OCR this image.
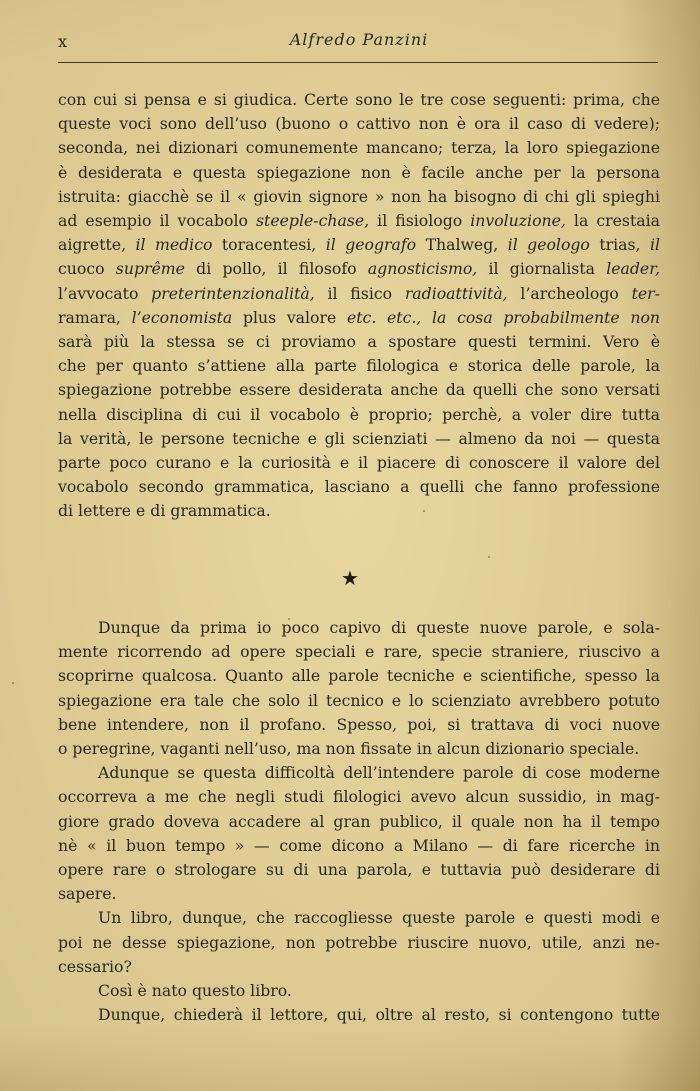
x	Alfredo Panzini

con cui si pensa e si giudica. Certe sono le tre cose seguenti: prima, che
queste voci sono dell’uso (buono o cattivo non è ora il caso di vedere);
seconda, nei dizionari comunemente mancano; terza, la loro spiegazione
è desiderata e questa spiegazione non è facile anche per la persona
istruita: giacchè se il « giovin signore » non ha bisogno di chi gli spieghi
ad esempio il vocabolo steeple-chase, il fisiologo involuzione, la crestaia
aigrette, il medico toracentesi, il geografo Thalweg, il geologo trias, il
cuoco suprême di pollo, il filosofo agnosticismo, il giornalista leader,
l’avvocato preterintenzionalità, il fisico radioattività, l’archeologo ter-
ramara, l’economista plus valore etc. etc., la cosa probabilmente non
sarà più la stessa se ci proviamo a spostare questi termini. Vero è
che per quanto s’attiene alla parte filologica e storica delle parole, la
spiegazione potrebbe essere desiderata anche da quelli che sono versati
nella disciplina di cui il vocabolo è proprio; perchè, a voler dire tutta
la verità, le persone tecniche e gli scienziati — almeno da noi — questa
parte poco curano e la curiosità e il piacere di conoscere il valore del
vocabolo secondo grammatica, lasciano a quelli che fanno professione
di lettere e di grammatica.

★

Dunque da prima io poco capivo di queste nuove parole, e sola-
mente ricorrendo ad opere speciali e rare, specie straniere, riuscivo a
scoprirne qualcosa. Quanto alle parole tecniche e scientifiche, spesso la
spiegazione era tale che solo il tecnico e lo scienziato avrebbero potuto
bene intendere, non il profano. Spesso, poi, si trattava di voci nuove
o peregrine, vaganti nell’uso, ma non fissate in alcun dizionario speciale.
Adunque se questa difficoltà dell’intendere parole di cose moderne
occorreva a me che negli studi filologici avevo alcun sussidio, in mag-
giore grado doveva accadere al gran publico, il quale non ha il tempo
nè « il buon tempo » — come dicono a Milano — di fare ricerche in
opere rare o strologare su di una parola, e tuttavia può desiderare di
sapere.
Un libro, dunque, che raccogliesse queste parole e questi modi e
poi ne desse spiegazione, non potrebbe riuscire nuovo, utile, anzi ne-
cessario?
Così è nato questo libro.
Dunque, chiederà il lettore, qui, oltre al resto, si contengono tutte
